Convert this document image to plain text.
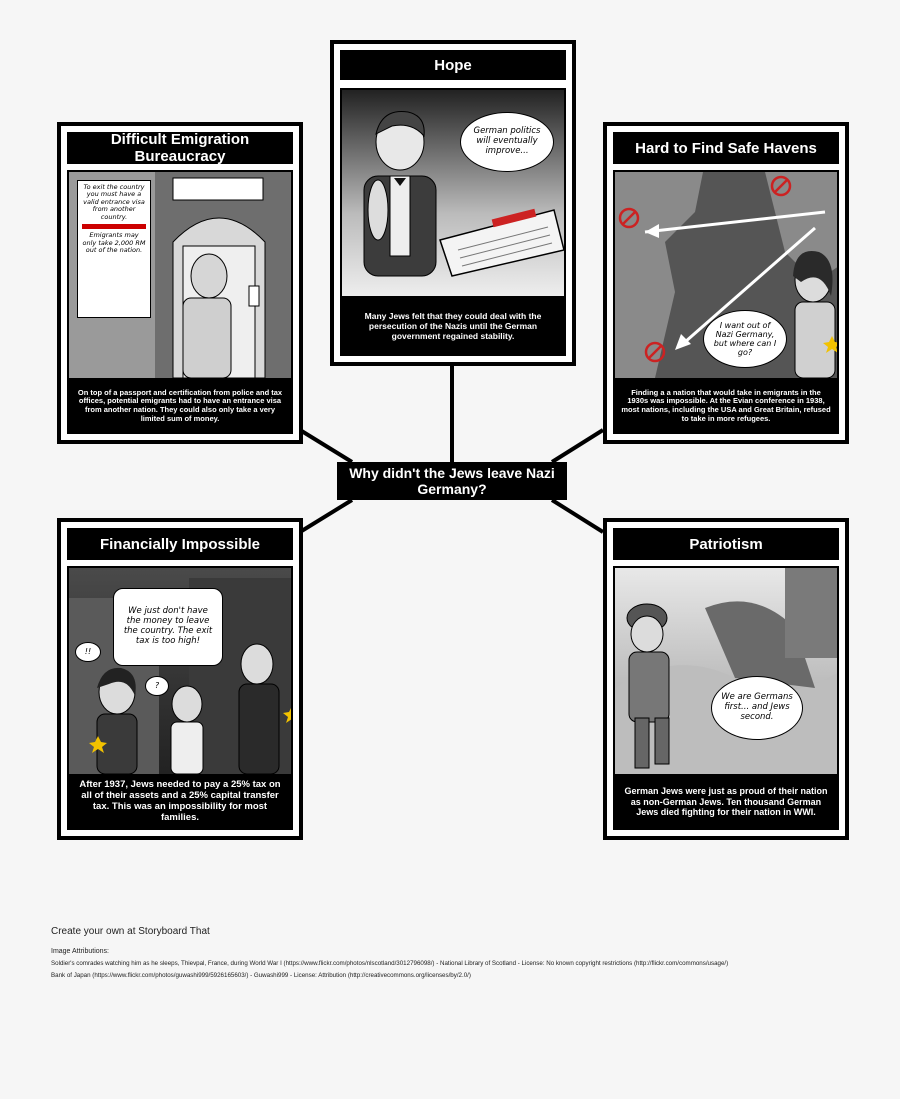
Why didn't the Jews leave Nazi Germany?
Hope
German politics will eventually improve...
Many Jews felt that they could deal with the persecution of the Nazis until the German government regained stability.
Difficult Emigration Bureaucracy
To exit the country you must have a valid entrance visa from another country.
Emigrants may only take 2,000 RM out of the nation.
On top of a passport and certification from police and tax offices, potential emigrants had to have an entrance visa from another nation. They could also only take a very limited sum of money.
Hard to Find Safe Havens
I want out of Nazi Germany, but where can I go?
Finding a a nation that would take in emigrants in the 1930s was impossible. At the Evian conference in 1938, most nations, including the USA and Great Britain, refused to take in more refugees.
Financially Impossible
We just don't have the money to leave the country. The exit tax is too high!
!!
?
After 1937, Jews needed to pay a 25% tax on all of their assets and a 25% capital transfer tax. This was an impossibility for most families.
Patriotism
We are Germans first... and Jews second.
German Jews were just as proud of their nation as non-German Jews. Ten thousand German Jews died fighting for their nation in WWI.
Create your own at Storyboard That
Image Attributions:
Soldier's comrades watching him as he sleeps, Thievpal, France, during World War I (https://www.flickr.com/photos/nlscotland/3012796098/) - National Library of Scotland - License: No known copyright restrictions (http://flickr.com/commons/usage/)
Bank of Japan (https://www.flickr.com/photos/guwashi999/5926165603/) - Guwashi999 - License: Attribution (http://creativecommons.org/licenses/by/2.0/)
